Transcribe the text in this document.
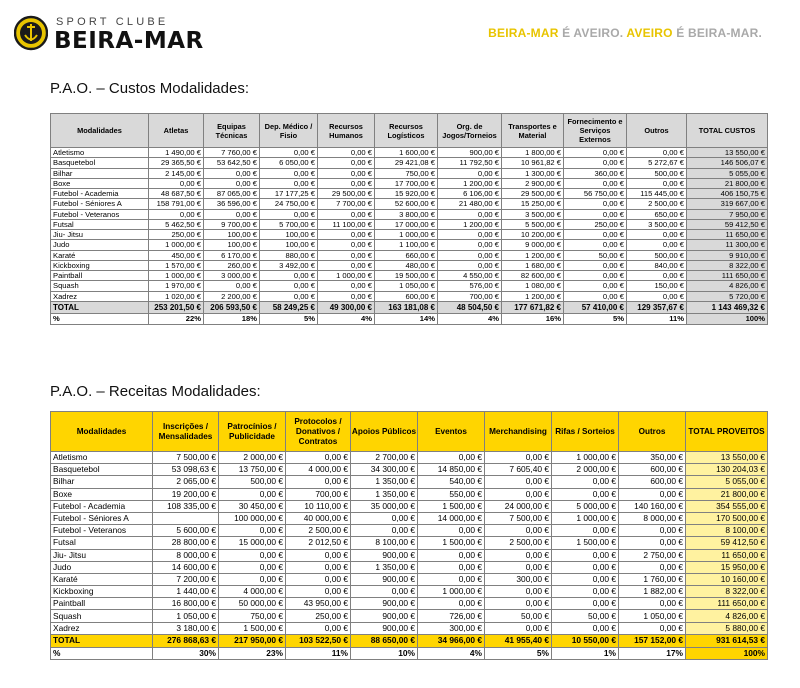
SPORT CLUBE
BEIRA-MAR	BEIRA-MAR É AVEIRO. AVEIRO É BEIRA-MAR.
P.A.O. – Custos Modalidades:
Modalidades	Atletas	Equipas Técnicas	Dep. Médico / Fisio	Recursos Humanos	Recursos Logísticos	Org. de Jogos/Torneios	Transportes e Material	Fornecimento e Serviços Externos	Outros	TOTAL CUSTOS
Atletismo	1 490,00 €	7 760,00 €	0,00 €	0,00 €	1 600,00 €	900,00 €	1 800,00 €	0,00 €	0,00 €	13 550,00 €
Basquetebol	29 365,50 €	53 642,50 €	6 050,00 €	0,00 €	29 421,08 €	11 792,50 €	10 961,82 €	0,00 €	5 272,67 €	146 506,07 €
Bilhar	2 145,00 €	0,00 €	0,00 €	0,00 €	750,00 €	0,00 €	1 300,00 €	360,00 €	500,00 €	5 055,00 €
Boxe	0,00 €	0,00 €	0,00 €	0,00 €	17 700,00 €	1 200,00 €	2 900,00 €	0,00 €	0,00 €	21 800,00 €
Futebol - Academia	48 687,50 €	87 065,00 €	17 177,25 €	29 500,00 €	15 920,00 €	6 106,00 €	29 500,00 €	56 750,00 €	115 445,00 €	406 150,75 €
Futebol - Séniores A	158 791,00 €	36 596,00 €	24 750,00 €	7 700,00 €	52 600,00 €	21 480,00 €	15 250,00 €	0,00 €	2 500,00 €	319 667,00 €
Futebol - Veteranos	0,00 €	0,00 €	0,00 €	0,00 €	3 800,00 €	0,00 €	3 500,00 €	0,00 €	650,00 €	7 950,00 €
Futsal	5 462,50 €	9 700,00 €	5 700,00 €	11 100,00 €	17 000,00 €	1 200,00 €	5 500,00 €	250,00 €	3 500,00 €	59 412,50 €
Jiu- Jitsu	250,00 €	100,00 €	100,00 €	0,00 €	1 000,00 €	0,00 €	10 200,00 €	0,00 €	0,00 €	11 650,00 €
Judo	1 000,00 €	100,00 €	100,00 €	0,00 €	1 100,00 €	0,00 €	9 000,00 €	0,00 €	0,00 €	11 300,00 €
Karaté	450,00 €	6 170,00 €	880,00 €	0,00 €	660,00 €	0,00 €	1 200,00 €	50,00 €	500,00 €	9 910,00 €
Kickboxing	1 570,00 €	260,00 €	3 492,00 €	0,00 €	480,00 €	0,00 €	1 680,00 €	0,00 €	840,00 €	8 322,00 €
Paintball	1 000,00 €	3 000,00 €	0,00 €	1 000,00 €	19 500,00 €	4 550,00 €	82 600,00 €	0,00 €	0,00 €	111 650,00 €
Squash	1 970,00 €	0,00 €	0,00 €	0,00 €	1 050,00 €	576,00 €	1 080,00 €	0,00 €	150,00 €	4 826,00 €
Xadrez	1 020,00 €	2 200,00 €	0,00 €	0,00 €	600,00 €	700,00 €	1 200,00 €	0,00 €	0,00 €	5 720,00 €
TOTAL	253 201,50 €	206 593,50 €	58 249,25 €	49 300,00 €	163 181,08 €	48 504,50 €	177 671,82 €	57 410,00 €	129 357,67 €	1 143 469,32 €
%	22%	18%	5%	4%	14%	4%	16%	5%	11%	100%
P.A.O. – Receitas Modalidades:
Modalidades	Inscrições / Mensalidades	Patrocínios / Publicidade	Protocolos / Donativos / Contratos	Apoios Públicos	Eventos	Merchandising	Rifas / Sorteios	Outros	TOTAL PROVEITOS
Atletismo	7 500,00 €	2 000,00 €	0,00 €	2 700,00 €	0,00 €	0,00 €	1 000,00 €	350,00 €	13 550,00 €
Basquetebol	53 098,63 €	13 750,00 €	4 000,00 €	34 300,00 €	14 850,00 €	7 605,40 €	2 000,00 €	600,00 €	130 204,03 €
Bilhar	2 065,00 €	500,00 €	0,00 €	1 350,00 €	540,00 €	0,00 €	0,00 €	600,00 €	5 055,00 €
Boxe	19 200,00 €	0,00 €	700,00 €	1 350,00 €	550,00 €	0,00 €	0,00 €	0,00 €	21 800,00 €
Futebol - Academia	108 335,00 €	30 450,00 €	10 110,00 €	35 000,00 €	1 500,00 €	24 000,00 €	5 000,00 €	140 160,00 €	354 555,00 €
Futebol - Séniores A		100 000,00 €	40 000,00 €	0,00 €	14 000,00 €	7 500,00 €	1 000,00 €	8 000,00 €	170 500,00 €
Futebol - Veteranos	5 600,00 €	0,00 €	2 500,00 €	0,00 €	0,00 €	0,00 €	0,00 €	0,00 €	8 100,00 €
Futsal	28 800,00 €	15 000,00 €	2 012,50 €	8 100,00 €	1 500,00 €	2 500,00 €	1 500,00 €	0,00 €	59 412,50 €
Jiu- Jitsu	8 000,00 €	0,00 €	0,00 €	900,00 €	0,00 €	0,00 €	0,00 €	2 750,00 €	11 650,00 €
Judo	14 600,00 €	0,00 €	0,00 €	1 350,00 €	0,00 €	0,00 €	0,00 €	0,00 €	15 950,00 €
Karaté	7 200,00 €	0,00 €	0,00 €	900,00 €	0,00 €	300,00 €	0,00 €	1 760,00 €	10 160,00 €
Kickboxing	1 440,00 €	4 000,00 €	0,00 €	0,00 €	1 000,00 €	0,00 €	0,00 €	1 882,00 €	8 322,00 €
Paintball	16 800,00 €	50 000,00 €	43 950,00 €	900,00 €	0,00 €	0,00 €	0,00 €	0,00 €	111 650,00 €
Squash	1 050,00 €	750,00 €	250,00 €	900,00 €	726,00 €	50,00 €	50,00 €	1 050,00 €	4 826,00 €
Xadrez	3 180,00 €	1 500,00 €	0,00 €	900,00 €	300,00 €	0,00 €	0,00 €	0,00 €	5 880,00 €
TOTAL	276 868,63 €	217 950,00 €	103 522,50 €	88 650,00 €	34 966,00 €	41 955,40 €	10 550,00 €	157 152,00 €	931 614,53 €
%	30%	23%	11%	10%	4%	5%	1%	17%	100%
